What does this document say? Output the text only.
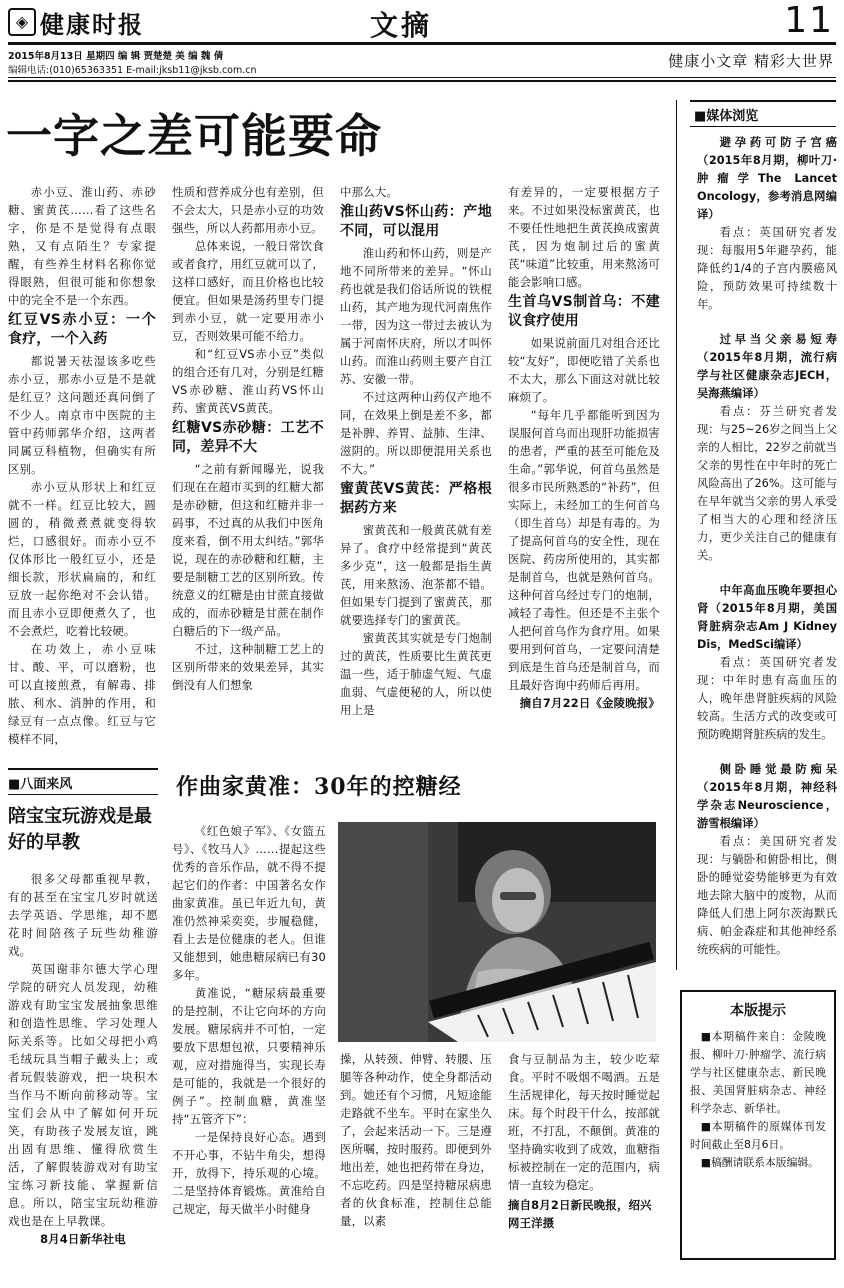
◈ 健康时报	文摘	11
2015年8月13日 星期四 编 辑 贾楚楚 美 编 魏 倩
编辑电话:(010)65363351 E-mail:jksb11@jksb.com.cn
健康小文章 精彩大世界
一字之差可能要命

赤小豆、淮山药、赤砂糖、蜜黄芪……看了这些名字，你是不是觉得有点眼熟，又有点陌生？专家提醒，有些养生材料名称你觉得眼熟，但很可能和你想象中的完全不是一个东西。

红豆VS赤小豆：一个食疗，一个入药

都说暑天祛湿该多吃些赤小豆，那赤小豆是不是就是红豆？这问题还真问倒了不少人。南京市中医院的主管中药师郭华介绍，这两者同属豆科植物，但确实有所区别。

赤小豆从形状上和红豆就不一样。红豆比较大，圆圆的，稍微煮煮就变得软烂，口感很好。而赤小豆不仅体形比一般红豆小，还是细长款，形状扁扁的，和红豆放一起你绝对不会认错。而且赤小豆即便煮久了，也不会煮烂，吃着比较硬。

在功效上，赤小豆味甘、酸、平，可以磨粉，也可以直接煎煮，有解毒、排脓、利水、消肿的作用，和绿豆有一点点像。红豆与它模样不同，

性质和营养成分也有差别，但不会太大，只是赤小豆的功效强些，所以人药都用赤小豆。

总体来说，一般日常饮食或者食疗，用红豆就可以了，这样口感好，而且价格也比较便宜。但如果是汤药里专门提到赤小豆，就一定要用赤小豆，否则效果可能不给力。

和“红豆VS赤小豆”类似的组合还有几对，分别是红糖VS赤砂糖、淮山药VS怀山药、蜜黄芪VS黄芪。

红糖VS赤砂糖：工艺不同，差异不大

“之前有新闻曝光，说我们现在在超市买到的红糖大都是赤砂糖，但这和红糖并非一码事，不过真的从我们中医角度来看，倒不用太纠结。”郭华说，现在的赤砂糖和红糖，主要是制糖工艺的区别所致。传统意义的红糖是由甘蔗直接做成的，而赤砂糖是甘蔗在制作白糖后的下一级产品。

不过，这种制糖工艺上的区别所带来的效果差异，其实倒没有人们想象

中那么大。

淮山药VS怀山药：产地不同，可以混用

淮山药和怀山药，则是产地不同所带来的差异。“怀山药也就是我们俗话所说的铁棍山药，其产地为现代河南焦作一带，因为这一带过去被认为属于河南怀庆府，所以才叫怀山药。而淮山药则主要产自江苏、安徽一带。

不过这两种山药仅产地不同，在效果上倒是差不多，都是补脾、养胃、益肺、生津、滋阴的。所以即便混用关系也不大。”

蜜黄芪VS黄芪：严格根据药方来

蜜黄芪和一般黄芪就有差异了。食疗中经常提到“黄芪多少克”，这一般都是指生黄芪，用来熬汤、泡茶都不错。但如果专门提到了蜜黄芪，那就要选择专门的蜜黄芪。

蜜黄芪其实就是专门炮制过的黄芪，性质要比生黄芪更温一些，适于肺虚气短、气虚血弱、气虚便秘的人，所以使用上是

有差异的，一定要根据方子来。不过如果没标蜜黄芪，也不要任性地把生黄芪换成蜜黄芪，因为炮制过后的蜜黄芪“味道”比较重，用来熬汤可能会影响口感。

生首乌VS制首乌：不建议食疗使用

如果说前面几对组合还比较“友好”，即便吃错了关系也不太大，那么下面这对就比较麻烦了。

“每年几乎都能听到因为误服何首乌而出现肝功能损害的患者，严重的甚至可能危及生命。”郭华说，何首乌虽然是很多市民所熟悉的“补药”，但实际上，未经加工的生何首乌（即生首乌）却是有毒的。为了提高何首乌的安全性，现在医院、药房所使用的，其实都是制首乌，也就是熟何首乌。这种何首乌经过专门的炮制，减轻了毒性。但还是不主张个人把何首乌作为食疗用。如果要用到何首乌，一定要问清楚到底是生首乌还是制首乌，而且最好咨询中药师后再用。

摘自7月22日《金陵晚报》

■八面来风
陪宝宝玩游戏是最好的早教

很多父母都重视早教，有的甚至在宝宝几岁时就送去学英语、学思维，却不愿花时间陪孩子玩些幼稚游戏。

英国谢菲尔德大学心理学院的研究人员发现，幼稚游戏有助宝宝发展抽象思维和创造性思维、学习处理人际关系等。比如父母把小鸡毛绒玩具当帽子戴头上；或者玩假装游戏，把一块积木当作马不断向前移动等。宝宝们会从中了解如何开玩笑，有助孩子发展友谊，跳出固有思维、懂得欣赏生活，了解假装游戏对有助宝宝练习新技能、掌握新信息。所以，陪宝宝玩幼稚游戏也是在上早教课。

8月4日新华社电

作曲家黄准：30年的控糖经

《红色娘子军》、《女篮五号》、《牧马人》……提起这些优秀的音乐作品，就不得不提起它们的作者：中国著名女作曲家黄准。虽已年近九旬，黄准仍然神采奕奕，步履稳健，看上去是位健康的老人。但谁又能想到，她患糖尿病已有30多年。

黄准说，“糖尿病最重要的是控制，不让它向坏的方向发展。糖尿病并不可怕，一定要放下思想包袱，只要精神乐观，应对措施得当，实现长寿是可能的，我就是一个很好的例子”。控制血糖，黄准坚持“五管齐下”：

一是保持良好心态。遇到不开心事，不钻牛角尖，想得开，放得下，持乐观的心境。二是坚持体育锻炼。黄准给自己规定，每天做半小时健身

操，从转颈、伸臂、转腰、压腿等各种动作，使全身都活动到。她还有个习惯，凡短途能走路就不坐车。平时在家坐久了，会起来活动一下。三是遵医所嘱，按时服药。即便到外地出差，她也把药带在身边，不忘吃药。四是坚持糖尿病患者的伙食标准，控制住总能量，以素

食与豆制品为主，较少吃荤食。平时不吸烟不喝酒。五是生活规律化，每天按时睡觉起床。每个时段干什么，按部就班，不打乱，不颠倒。黄准的坚持确实收到了成效，血糖指标被控制在一定的范围内，病情一直较为稳定。

摘自8月2日新民晚报，绍兴网王洋摄

■媒体浏览

避孕药可防子宫癌（2015年8月期，柳叶刀·肿瘤学The Lancet Oncology，参考消息网编译）

看点：英国研究者发现：每服用5年避孕药，能降低约1/4的子宫内膜癌风险，预防效果可持续数十年。

过早当父亲易短寿（2015年8月期，流行病学与社区健康杂志JECH，吴海燕编译）

看点：芬兰研究者发现：与25~26岁之间当上父亲的人相比，22岁之前就当父亲的男性在中年时的死亡风险高出了26%。这可能与在早年就当父亲的男人承受了相当大的心理和经济压力，更少关注自己的健康有关。

中年高血压晚年要担心肾（2015年8月期，美国肾脏病杂志Am J Kidney Dis，MedSci编译）

看点：英国研究者发现：中年时患有高血压的人，晚年患肾脏疾病的风险较高。生活方式的改变或可预防晚期肾脏疾病的发生。

侧卧睡觉最防痴呆（2015年8月期，神经科学杂志Neuroscience，游雪根编译）

看点：美国研究者发现：与躺卧和俯卧相比，侧卧的睡觉姿势能够更为有效地去除大脑中的废物，从而降低人们患上阿尔茨海默氏病、帕金森症和其他神经系统疾病的可能性。

本版提示

■本期稿件来自：金陵晚报、柳叶刀·肿瘤学、流行病学与社区健康杂志、新民晚报、美国肾脏病杂志、神经科学杂志、新华社。

■本期稿件的原媒体刊发时间截止至8月6日。

■稿酬请联系本版编辑。
